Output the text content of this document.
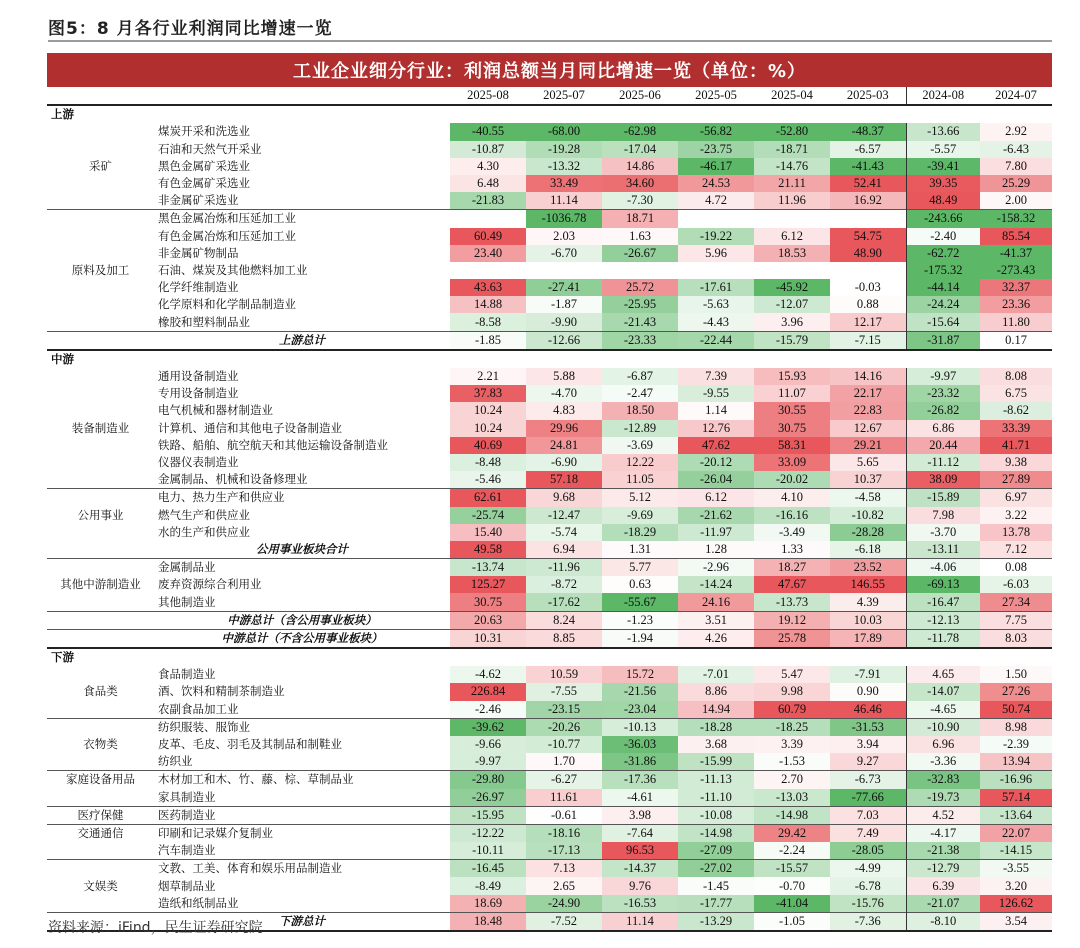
图5：8 月各行业利润同比增速一览
工业企业细分行业：利润总额当月同比增速一览（单位：%）
		2025-08	2025-07	2025-06	2025-05	2025-04	2025-03	2024-08	2024-07
上游									
	煤炭开采和洗选业	-40.55	-68.00	-62.98	-56.82	-52.80	-48.37	-13.66	2.92
	石油和天然气开采业	-10.87	-19.28	-17.04	-23.75	-18.71	-6.57	-5.57	-6.43
采矿	黑色金属矿采选业	4.30	-13.32	14.86	-46.17	-14.76	-41.43	-39.41	7.80
	有色金属矿采选业	6.48	33.49	34.60	24.53	21.11	52.41	39.35	25.29
	非金属矿采选业	-21.83	11.14	-7.30	4.72	11.96	16.92	48.49	2.00
	黑色金属冶炼和压延加工业		-1036.78	18.71				-243.66	-158.32
	有色金属冶炼和压延加工业	60.49	2.03	1.63	-19.22	6.12	54.75	-2.40	85.54
	非金属矿物制品	23.40	-6.70	-26.67	5.96	18.53	48.90	-62.72	-41.37
原料及加工	石油、煤炭及其他燃料加工业							-175.32	-273.43
	化学纤维制造业	43.63	-27.41	25.72	-17.61	-45.92	-0.03	-44.14	32.37
	化学原料和化学制品制造业	14.88	-1.87	-25.95	-5.63	-12.07	0.88	-24.24	23.36
	橡胶和塑料制品业	-8.58	-9.90	-21.43	-4.43	3.96	12.17	-15.64	11.80
	上游总计	-1.85	-12.66	-23.33	-22.44	-15.79	-7.15	-31.87	0.17
中游									
	通用设备制造业	2.21	5.88	-6.87	7.39	15.93	14.16	-9.97	8.08
	专用设备制造业	37.83	-4.70	-2.47	-9.55	11.07	22.17	-23.32	6.75
	电气机械和器材制造业	10.24	4.83	18.50	1.14	30.55	22.83	-26.82	-8.62
装备制造业	计算机、通信和其他电子设备制造业	10.24	29.96	-12.89	12.76	30.75	12.67	6.86	33.39
	铁路、船舶、航空航天和其他运输设备制造业	40.69	24.81	-3.69	47.62	58.31	29.21	20.44	41.71
	仪器仪表制造业	-8.48	-6.90	12.22	-20.12	33.09	5.65	-11.12	9.38
	金属制品、机械和设备修理业	-5.46	57.18	11.05	-26.04	-20.02	10.37	38.09	27.89
	电力、热力生产和供应业	62.61	9.68	5.12	6.12	4.10	-4.58	-15.89	6.97
公用事业	燃气生产和供应业	-25.74	-12.47	-9.69	-21.62	-16.16	-10.82	7.98	3.22
	水的生产和供应业	15.40	-5.74	-18.29	-11.97	-3.49	-28.28	-3.70	13.78
	公用事业板块合计	49.58	6.94	1.31	1.28	1.33	-6.18	-13.11	7.12
	金属制品业	-13.74	-11.96	5.77	-2.96	18.27	23.52	-4.06	0.08
其他中游制造业	废弃资源综合利用业	125.27	-8.72	0.63	-14.24	47.67	146.55	-69.13	-6.03
	其他制造业	30.75	-17.62	-55.67	24.16	-13.73	4.39	-16.47	27.34
	中游总计（含公用事业板块）	20.63	8.24	-1.23	3.51	19.12	10.03	-12.13	7.75
	中游总计（不含公用事业板块）	10.31	8.85	-1.94	4.26	25.78	17.89	-11.78	8.03
下游									
	食品制造业	-4.62	10.59	15.72	-7.01	5.47	-7.91	4.65	1.50
食品类	酒、饮料和精制茶制造业	226.84	-7.55	-21.56	8.86	9.98	0.90	-14.07	27.26
	农副食品加工业	-2.46	-23.15	-23.04	14.94	60.79	46.46	-4.65	50.74
	纺织服装、服饰业	-39.62	-20.26	-10.13	-18.28	-18.25	-31.53	-10.90	8.98
衣物类	皮革、毛皮、羽毛及其制品和制鞋业	-9.66	-10.77	-36.03	3.68	3.39	3.94	6.96	-2.39
	纺织业	-9.97	1.70	-31.86	-15.99	-1.53	9.27	-3.36	13.94
家庭设备用品	木材加工和木、竹、藤、棕、草制品业	-29.80	-6.27	-17.36	-11.13	2.70	-6.73	-32.83	-16.96
	家具制造业	-26.97	11.61	-4.61	-11.10	-13.03	-77.66	-19.73	57.14
医疗保健	医药制造业	-15.95	-0.61	3.98	-10.08	-14.98	7.03	4.52	-13.64
交通通信	印刷和记录媒介复制业	-12.22	-18.16	-7.64	-14.98	29.42	7.49	-4.17	22.07
	汽车制造业	-10.11	-17.13	96.53	-27.09	-2.24	-28.05	-21.38	-14.15
	文教、工美、体育和娱乐用品制造业	-16.45	7.13	-14.37	-27.02	-15.57	-4.99	-12.79	-3.55
文娱类	烟草制品业	-8.49	2.65	9.76	-1.45	-0.70	-6.78	6.39	3.20
	造纸和纸制品业	18.69	-24.90	-16.53	-17.77	-41.04	-15.76	-21.07	126.62
	下游总计	18.48	-7.52	11.14	-13.29	-1.05	-7.36	-8.10	3.54
资料来源：iFind，民生证券研究院
